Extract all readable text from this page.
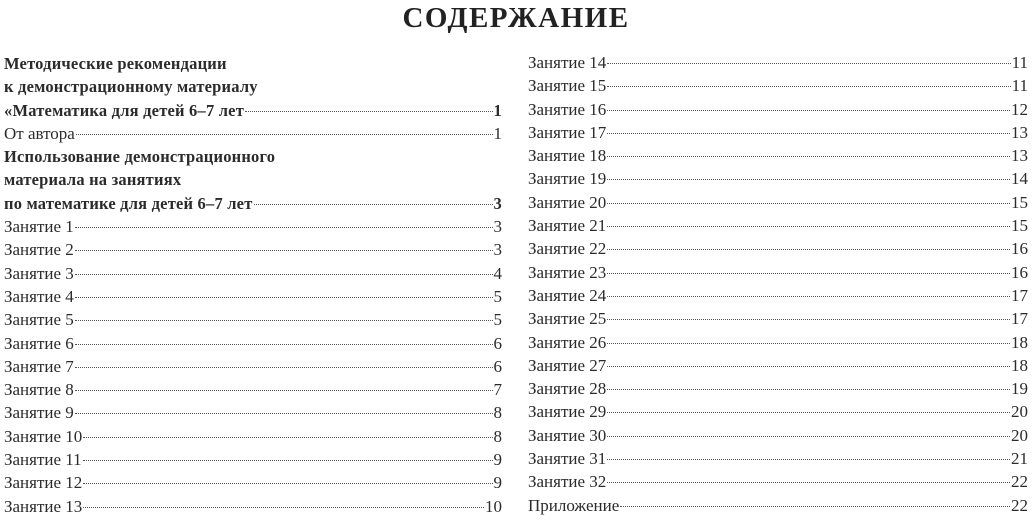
СОДЕРЖАНИЕ
Методические рекомендации
к демонстрационному материалу
«Математика для детей 6–7 лет	1
От автора	1
Использование демонстрационного
материала на занятиях
по математике для детей 6–7 лет	3
Занятие 1	3
Занятие 2	3
Занятие 3	4
Занятие 4	5
Занятие 5	5
Занятие 6	6
Занятие 7	6
Занятие 8	7
Занятие 9	8
Занятие 10	8
Занятие 11	9
Занятие 12	9
Занятие 13	10
Занятие 14	11
Занятие 15	11
Занятие 16	12
Занятие 17	13
Занятие 18	13
Занятие 19	14
Занятие 20	15
Занятие 21	15
Занятие 22	16
Занятие 23	16
Занятие 24	17
Занятие 25	17
Занятие 26	18
Занятие 27	18
Занятие 28	19
Занятие 29	20
Занятие 30	20
Занятие 31	21
Занятие 32	22
Приложение	22
